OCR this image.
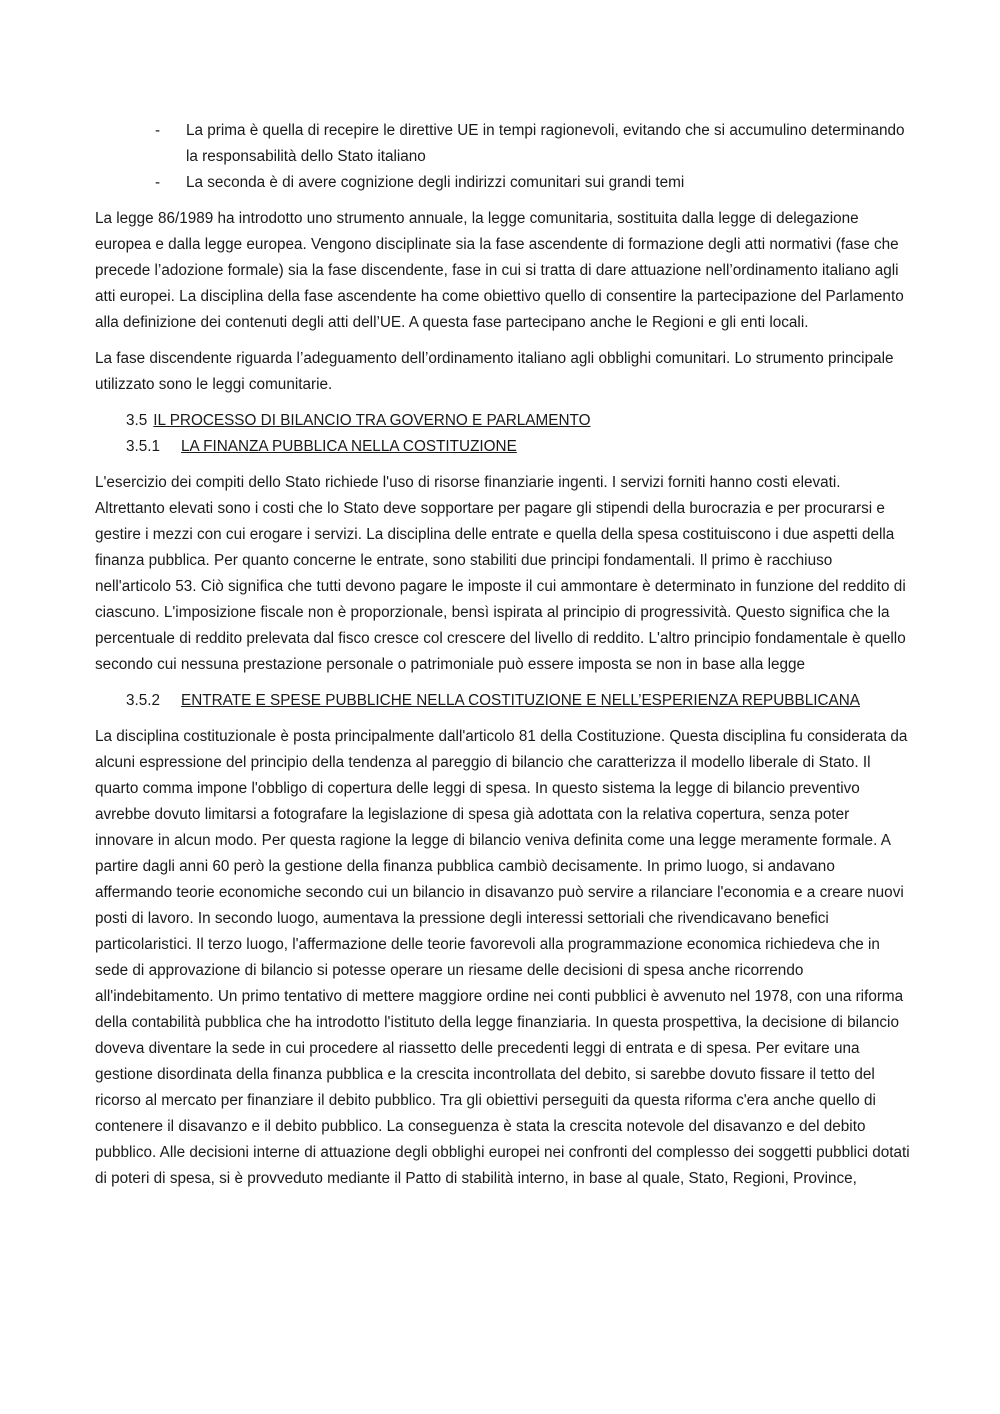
- La prima è quella di recepire le direttive UE in tempi ragionevoli, evitando che si accumulino determinando la responsabilità dello Stato italiano
- La seconda è di avere cognizione degli indirizzi comunitari sui grandi temi

La legge 86/1989 ha introdotto uno strumento annuale, la legge comunitaria, sostituita dalla legge di delegazione europea e dalla legge europea. Vengono disciplinate sia la fase ascendente di formazione degli atti normativi (fase che precede l’adozione formale) sia la fase discendente, fase in cui si tratta di dare attuazione nell’ordinamento italiano agli atti europei. La disciplina della fase ascendente ha come obiettivo quello di consentire la partecipazione del Parlamento alla definizione dei contenuti degli atti dell’UE. A questa fase partecipano anche le Regioni e gli enti locali.

La fase discendente riguarda l’adeguamento dell’ordinamento italiano agli obblighi comunitari. Lo strumento principale utilizzato sono le leggi comunitarie.

3.5 IL PROCESSO DI BILANCIO TRA GOVERNO E PARLAMENTO
3.5.1 LA FINANZA PUBBLICA NELLA COSTITUZIONE

L'esercizio dei compiti dello Stato richiede l'uso di risorse finanziarie ingenti. I servizi forniti hanno costi elevati. Altrettanto elevati sono i costi che lo Stato deve sopportare per pagare gli stipendi della burocrazia e per procurarsi e gestire i mezzi con cui erogare i servizi. La disciplina delle entrate e quella della spesa costituiscono i due aspetti della finanza pubblica. Per quanto concerne le entrate, sono stabiliti due principi fondamentali. Il primo è racchiuso nell'articolo 53. Ciò significa che tutti devono pagare le imposte il cui ammontare è determinato in funzione del reddito di ciascuno. L'imposizione fiscale non è proporzionale, bensì ispirata al principio di progressività. Questo significa che la percentuale di reddito prelevata dal fisco cresce col crescere del livello di reddito. L'altro principio fondamentale è quello secondo cui nessuna prestazione personale o patrimoniale può essere imposta se non in base alla legge

3.5.2 ENTRATE E SPESE PUBBLICHE NELLA COSTITUZIONE E NELL’ESPERIENZA REPUBBLICANA

La disciplina costituzionale è posta principalmente dall'articolo 81 della Costituzione. Questa disciplina fu considerata da alcuni espressione del principio della tendenza al pareggio di bilancio che caratterizza il modello liberale di Stato. Il quarto comma impone l'obbligo di copertura delle leggi di spesa. In questo sistema la legge di bilancio preventivo avrebbe dovuto limitarsi a fotografare la legislazione di spesa già adottata con la relativa copertura, senza poter innovare in alcun modo. Per questa ragione la legge di bilancio veniva definita come una legge meramente formale. A partire dagli anni 60 però la gestione della finanza pubblica cambiò decisamente. In primo luogo, si andavano affermando teorie economiche secondo cui un bilancio in disavanzo può servire a rilanciare l'economia e a creare nuovi posti di lavoro. In secondo luogo, aumentava la pressione degli interessi settoriali che rivendicavano benefici particolaristici. Il terzo luogo, l'affermazione delle teorie favorevoli alla programmazione economica richiedeva che in sede di approvazione di bilancio si potesse operare un riesame delle decisioni di spesa anche ricorrendo all'indebitamento. Un primo tentativo di mettere maggiore ordine nei conti pubblici è avvenuto nel 1978, con una riforma della contabilità pubblica che ha introdotto l'istituto della legge finanziaria. In questa prospettiva, la decisione di bilancio doveva diventare la sede in cui procedere al riassetto delle precedenti leggi di entrata e di spesa. Per evitare una gestione disordinata della finanza pubblica e la crescita incontrollata del debito, si sarebbe dovuto fissare il tetto del ricorso al mercato per finanziare il debito pubblico. Tra gli obiettivi perseguiti da questa riforma c'era anche quello di contenere il disavanzo e il debito pubblico. La conseguenza è stata la crescita notevole del disavanzo e del debito pubblico. Alle decisioni interne di attuazione degli obblighi europei nei confronti del complesso dei soggetti pubblici dotati di poteri di spesa, si è provveduto mediante il Patto di stabilità interno, in base al quale, Stato, Regioni, Province,
